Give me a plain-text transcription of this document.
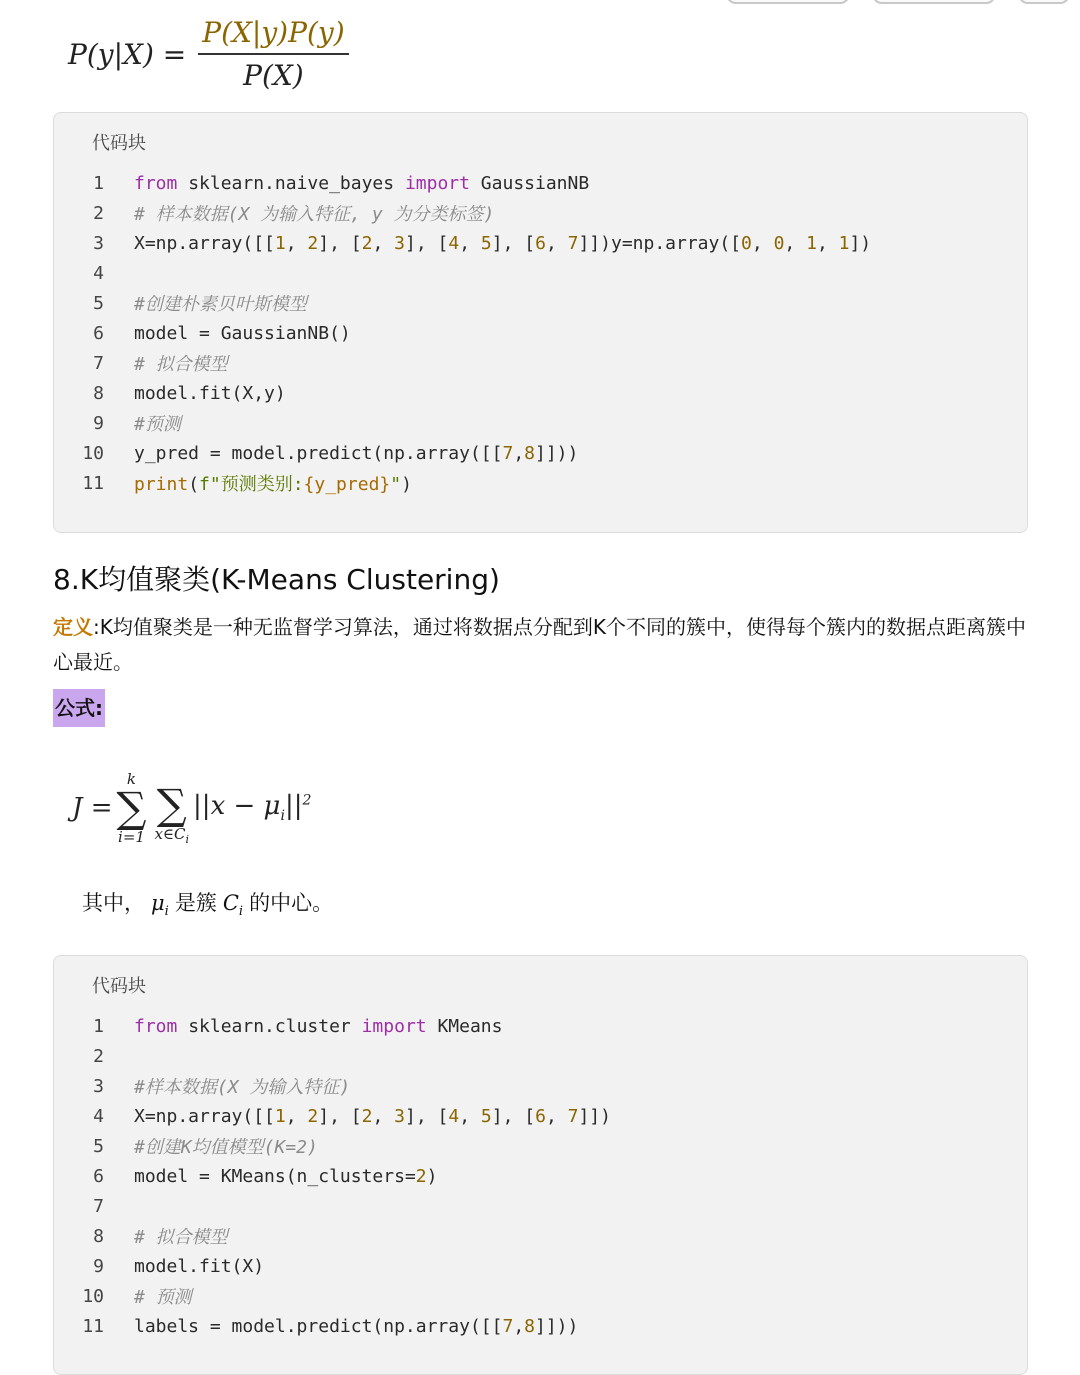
$P(y|X) = \frac{P(X|y)P(y)}{P(X)}$
代码块
1 from sklearn.naive_bayes import GaussianNB
2 # 样本数据(X 为输入特征, y 为分类标签)
3 X=np.array([[1, 2], [2, 3], [4, 5], [6, 7]])y=np.array([0, 0, 1, 1])
4
5 #创建朴素贝叶斯模型
6 model = GaussianNB()
7 # 拟合模型
8 model.fit(X,y)
9 #预测
10 y_pred = model.predict(np.array([[7,8]]))
11 print(f"预测类别:{y_pred}")
8.K均值聚类(K-Means Clustering)

定义:K均值聚类是一种无监督学习算法，通过将数据点分配到K个不同的簇中，使得每个簇内的数据点距离簇中心最近。

公式:
J =
k
∑
i=1
∑
$x\in C_i$
$||x - \mu_i||^2$

其中， $\mu_i$ 是簇 $C_i$ 的中心。

代码块
1 from sklearn.cluster import KMeans
2
3 #样本数据(X 为输入特征)
4 X=np.array([[1, 2], [2, 3], [4, 5], [6, 7]])
5 #创建K均值模型(K=2)
6 model = KMeans(n_clusters=2)
7
8 # 拟合模型
9 model.fit(X)
10 # 预测
11 labels = model.predict(np.array([[7,8]]))
